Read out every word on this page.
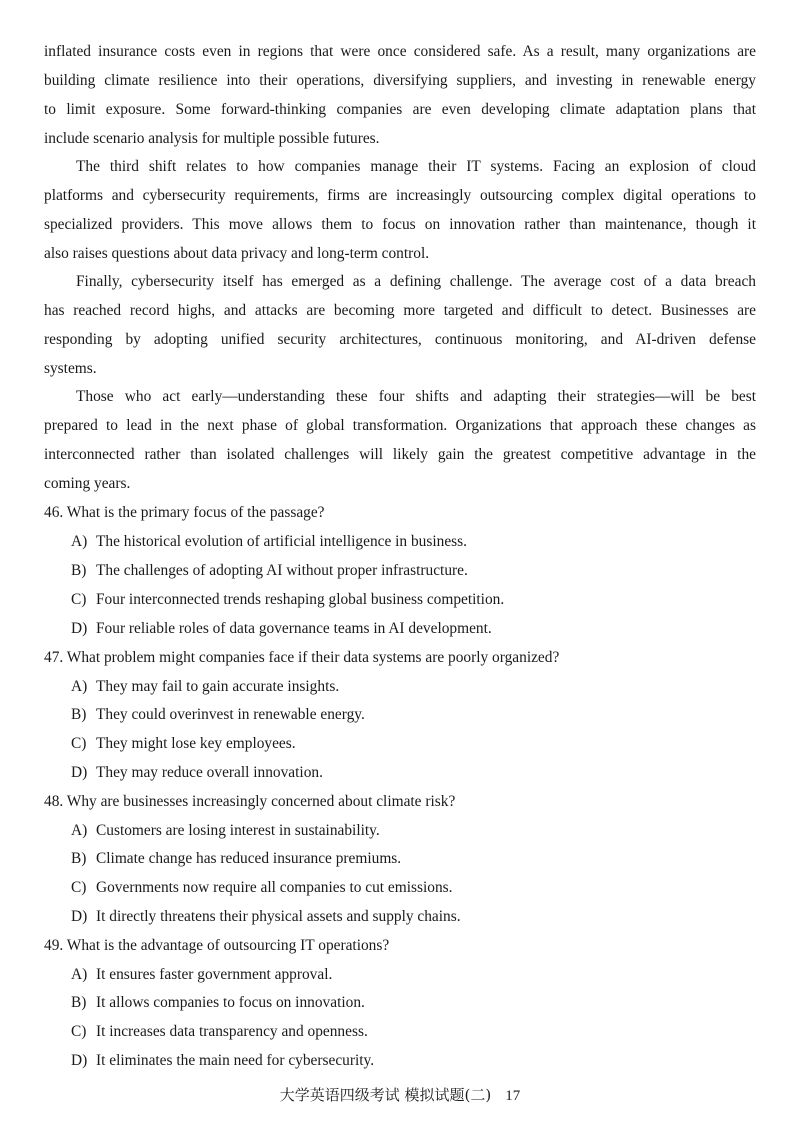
inflated insurance costs even in regions that were once considered safe. As a result, many organizations are
building climate resilience into their operations, diversifying suppliers, and investing in renewable energy
to limit exposure. Some forward-thinking companies are even developing climate adaptation plans that
include scenario analysis for multiple possible futures.
The third shift relates to how companies manage their IT systems. Facing an explosion of cloud
platforms and cybersecurity requirements, firms are increasingly outsourcing complex digital operations to
specialized providers. This move allows them to focus on innovation rather than maintenance, though it
also raises questions about data privacy and long-term control.
Finally, cybersecurity itself has emerged as a defining challenge. The average cost of a data breach
has reached record highs, and attacks are becoming more targeted and difficult to detect. Businesses are
responding by adopting unified security architectures, continuous monitoring, and AI-driven defense
systems.
Those who act early—understanding these four shifts and adapting their strategies—will be best
prepared to lead in the next phase of global transformation. Organizations that approach these changes as
interconnected rather than isolated challenges will likely gain the greatest competitive advantage in the
coming years.
46. What is the primary focus of the passage?
A) The historical evolution of artificial intelligence in business.
B) The challenges of adopting AI without proper infrastructure.
C) Four interconnected trends reshaping global business competition.
D) Four reliable roles of data governance teams in AI development.
47. What problem might companies face if their data systems are poorly organized?
A) They may fail to gain accurate insights.
B) They could overinvest in renewable energy.
C) They might lose key employees.
D) They may reduce overall innovation.
48. Why are businesses increasingly concerned about climate risk?
A) Customers are losing interest in sustainability.
B) Climate change has reduced insurance premiums.
C) Governments now require all companies to cut emissions.
D) It directly threatens their physical assets and supply chains.
49. What is the advantage of outsourcing IT operations?
A) It ensures faster government approval.
B) It allows companies to focus on innovation.
C) It increases data transparency and openness.
D) It eliminates the main need for cybersecurity.
大学英语四级考试 模拟试题(二) 17
